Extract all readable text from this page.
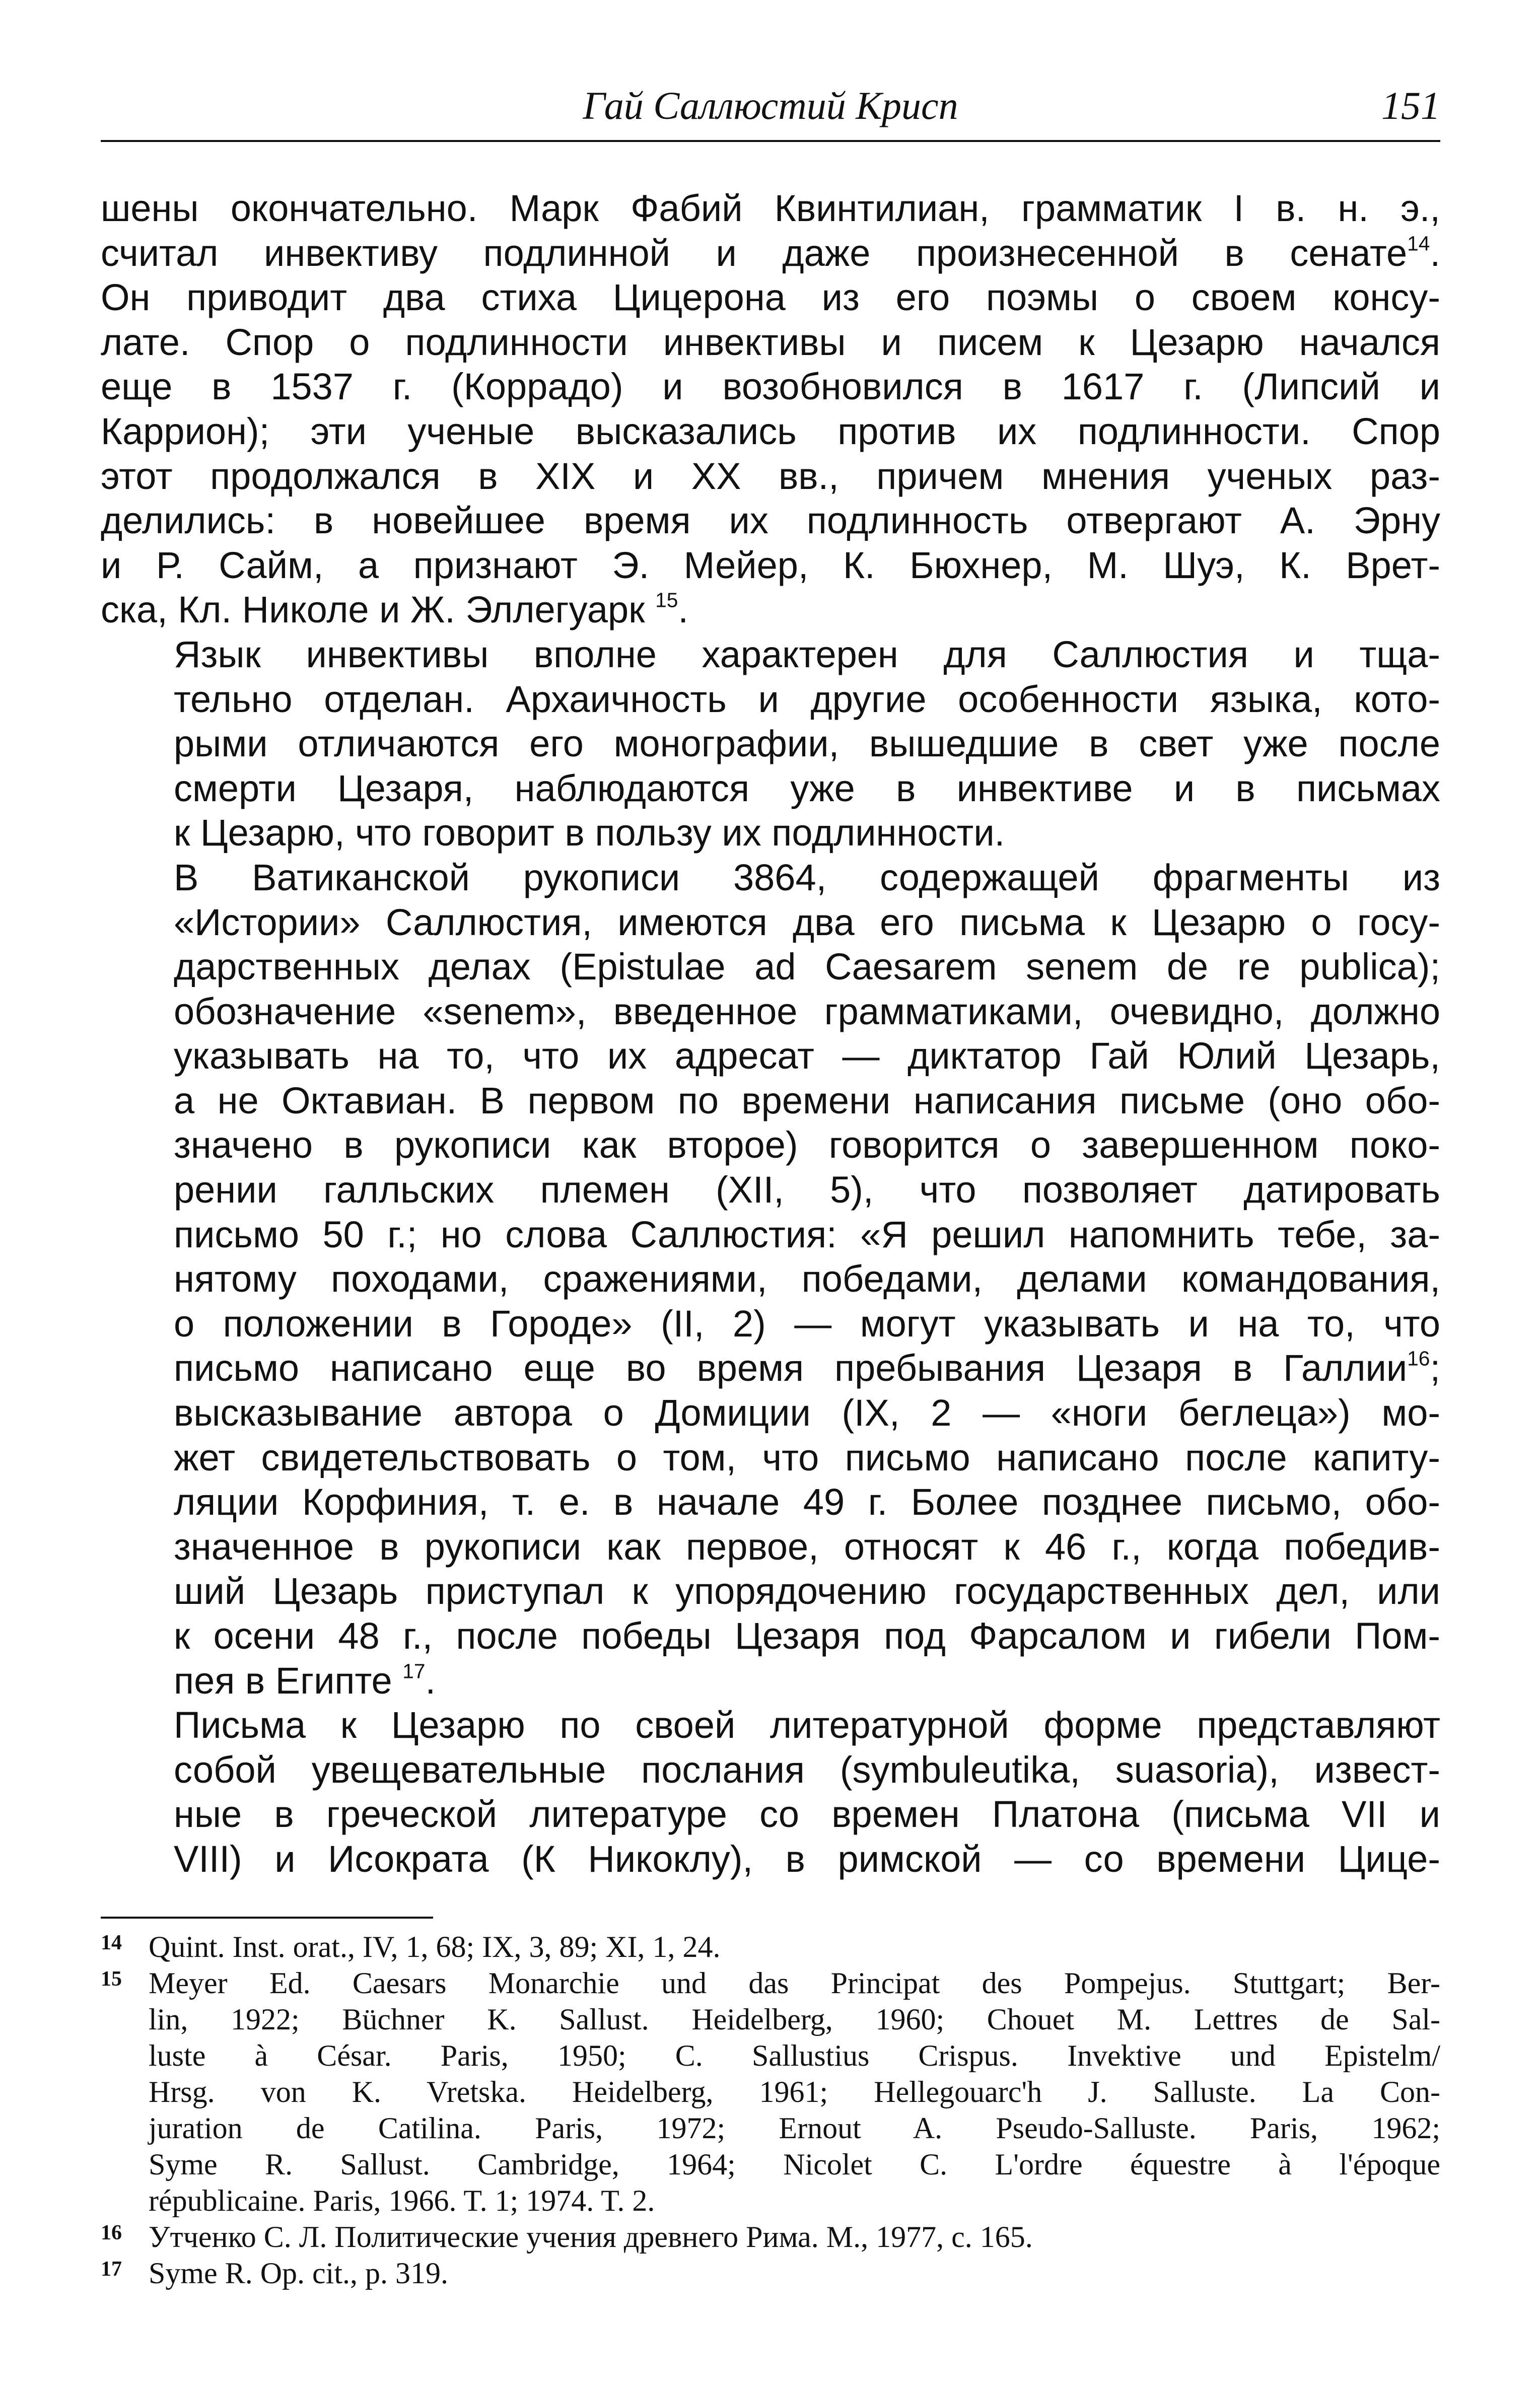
Гай Саллюстий Крисп	151

шены окончательно. Марк Фабий Квинтилиан, грамматик I в. н. э.,
считал инвективу подлинной и даже произнесенной в сенате$^{14}$.
Он приводит два стиха Цицерона из его поэмы о своем консу-
лате. Спор о подлинности инвективы и писем к Цезарю начался
еще в 1537 г. (Коррадо) и возобновился в 1617 г. (Липсий и
Каррион); эти ученые высказались против их подлинности. Спор
этот продолжался в XIX и XX вв., причем мнения ученых раз-
делились: в новейшее время их подлинность отвергают А. Эрну
и Р. Сайм, а признают Э. Мейер, К. Бюхнер, М. Шуэ, К. Врет-
ска, Кл. Николе и Ж. Эллегуарк $^{15}$.

Язык инвективы вполне характерен для Саллюстия и тща-
тельно отделан. Архаичность и другие особенности языка, кото-
рыми отличаются его монографии, вышедшие в свет уже после
смерти Цезаря, наблюдаются уже в инвективе и в письмах
к Цезарю, что говорит в пользу их подлинности.

В Ватиканской рукописи 3864, содержащей фрагменты из
«Истории» Саллюстия, имеются два его письма к Цезарю о госу-
дарственных делах (Epistulae ad Caesarem senem de re publica);
обозначение «senem», введенное грамматиками, очевидно, должно
указывать на то, что их адресат — диктатор Гай Юлий Цезарь,
а не Октавиан. В первом по времени написания письме (оно обо-
значено в рукописи как второе) говорится о завершенном поко-
рении галльских племен (XII, 5), что позволяет датировать
письмо 50 г.; но слова Саллюстия: «Я решил напомнить тебе, за-
нятому походами, сражениями, победами, делами командования,
о положении в Городе» (II, 2) — могут указывать и на то, что
письмо написано еще во время пребывания Цезаря в Галлии$^{16}$;
высказывание автора о Домиции (IX, 2 — «ноги беглеца») мо-
жет свидетельствовать о том, что письмо написано после капиту-
ляции Корфиния, т. е. в начале 49 г. Более позднее письмо, обо-
значенное в рукописи как первое, относят к 46 г., когда победив-
ший Цезарь приступал к упорядочению государственных дел, или
к осени 48 г., после победы Цезаря под Фарсалом и гибели Пом-
пея в Египте $^{17}$.

Письма к Цезарю по своей литературной форме представляют
собой увещевательные послания (symbuleutika, suasoria), извест-
ные в греческой литературе со времен Платона (письма VII и
VIII) и Исократа (К Никоклу), в римской — со времени Цице-

14 Quint. Inst. orat., IV, 1, 68; IX, 3, 89; XI, 1, 24.
15 Meyer Ed. Caesars Monarchie und das Principat des Pompejus. Stuttgart; Ber-
lin, 1922; Büchner K. Sallust. Heidelberg, 1960; Chouet M. Lettres de Sal-
luste à César. Paris, 1950; C. Sallustius Crispus. Invektive und Epistelm/
Hrsg. von K. Vretska. Heidelberg, 1961; Hellegouarc'h J. Salluste. La Con-
juration de Catilina. Paris, 1972; Ernout A. Pseudo-Salluste. Paris, 1962;
Syme R. Sallust. Cambridge, 1964; Nicolet C. L'ordre équestre à l'époque
républicaine. Paris, 1966. T. 1; 1974. T. 2.
16 Утченко С. Л. Политические учения древнего Рима. М., 1977, с. 165.
17 Syme R. Op. cit., p. 319.
